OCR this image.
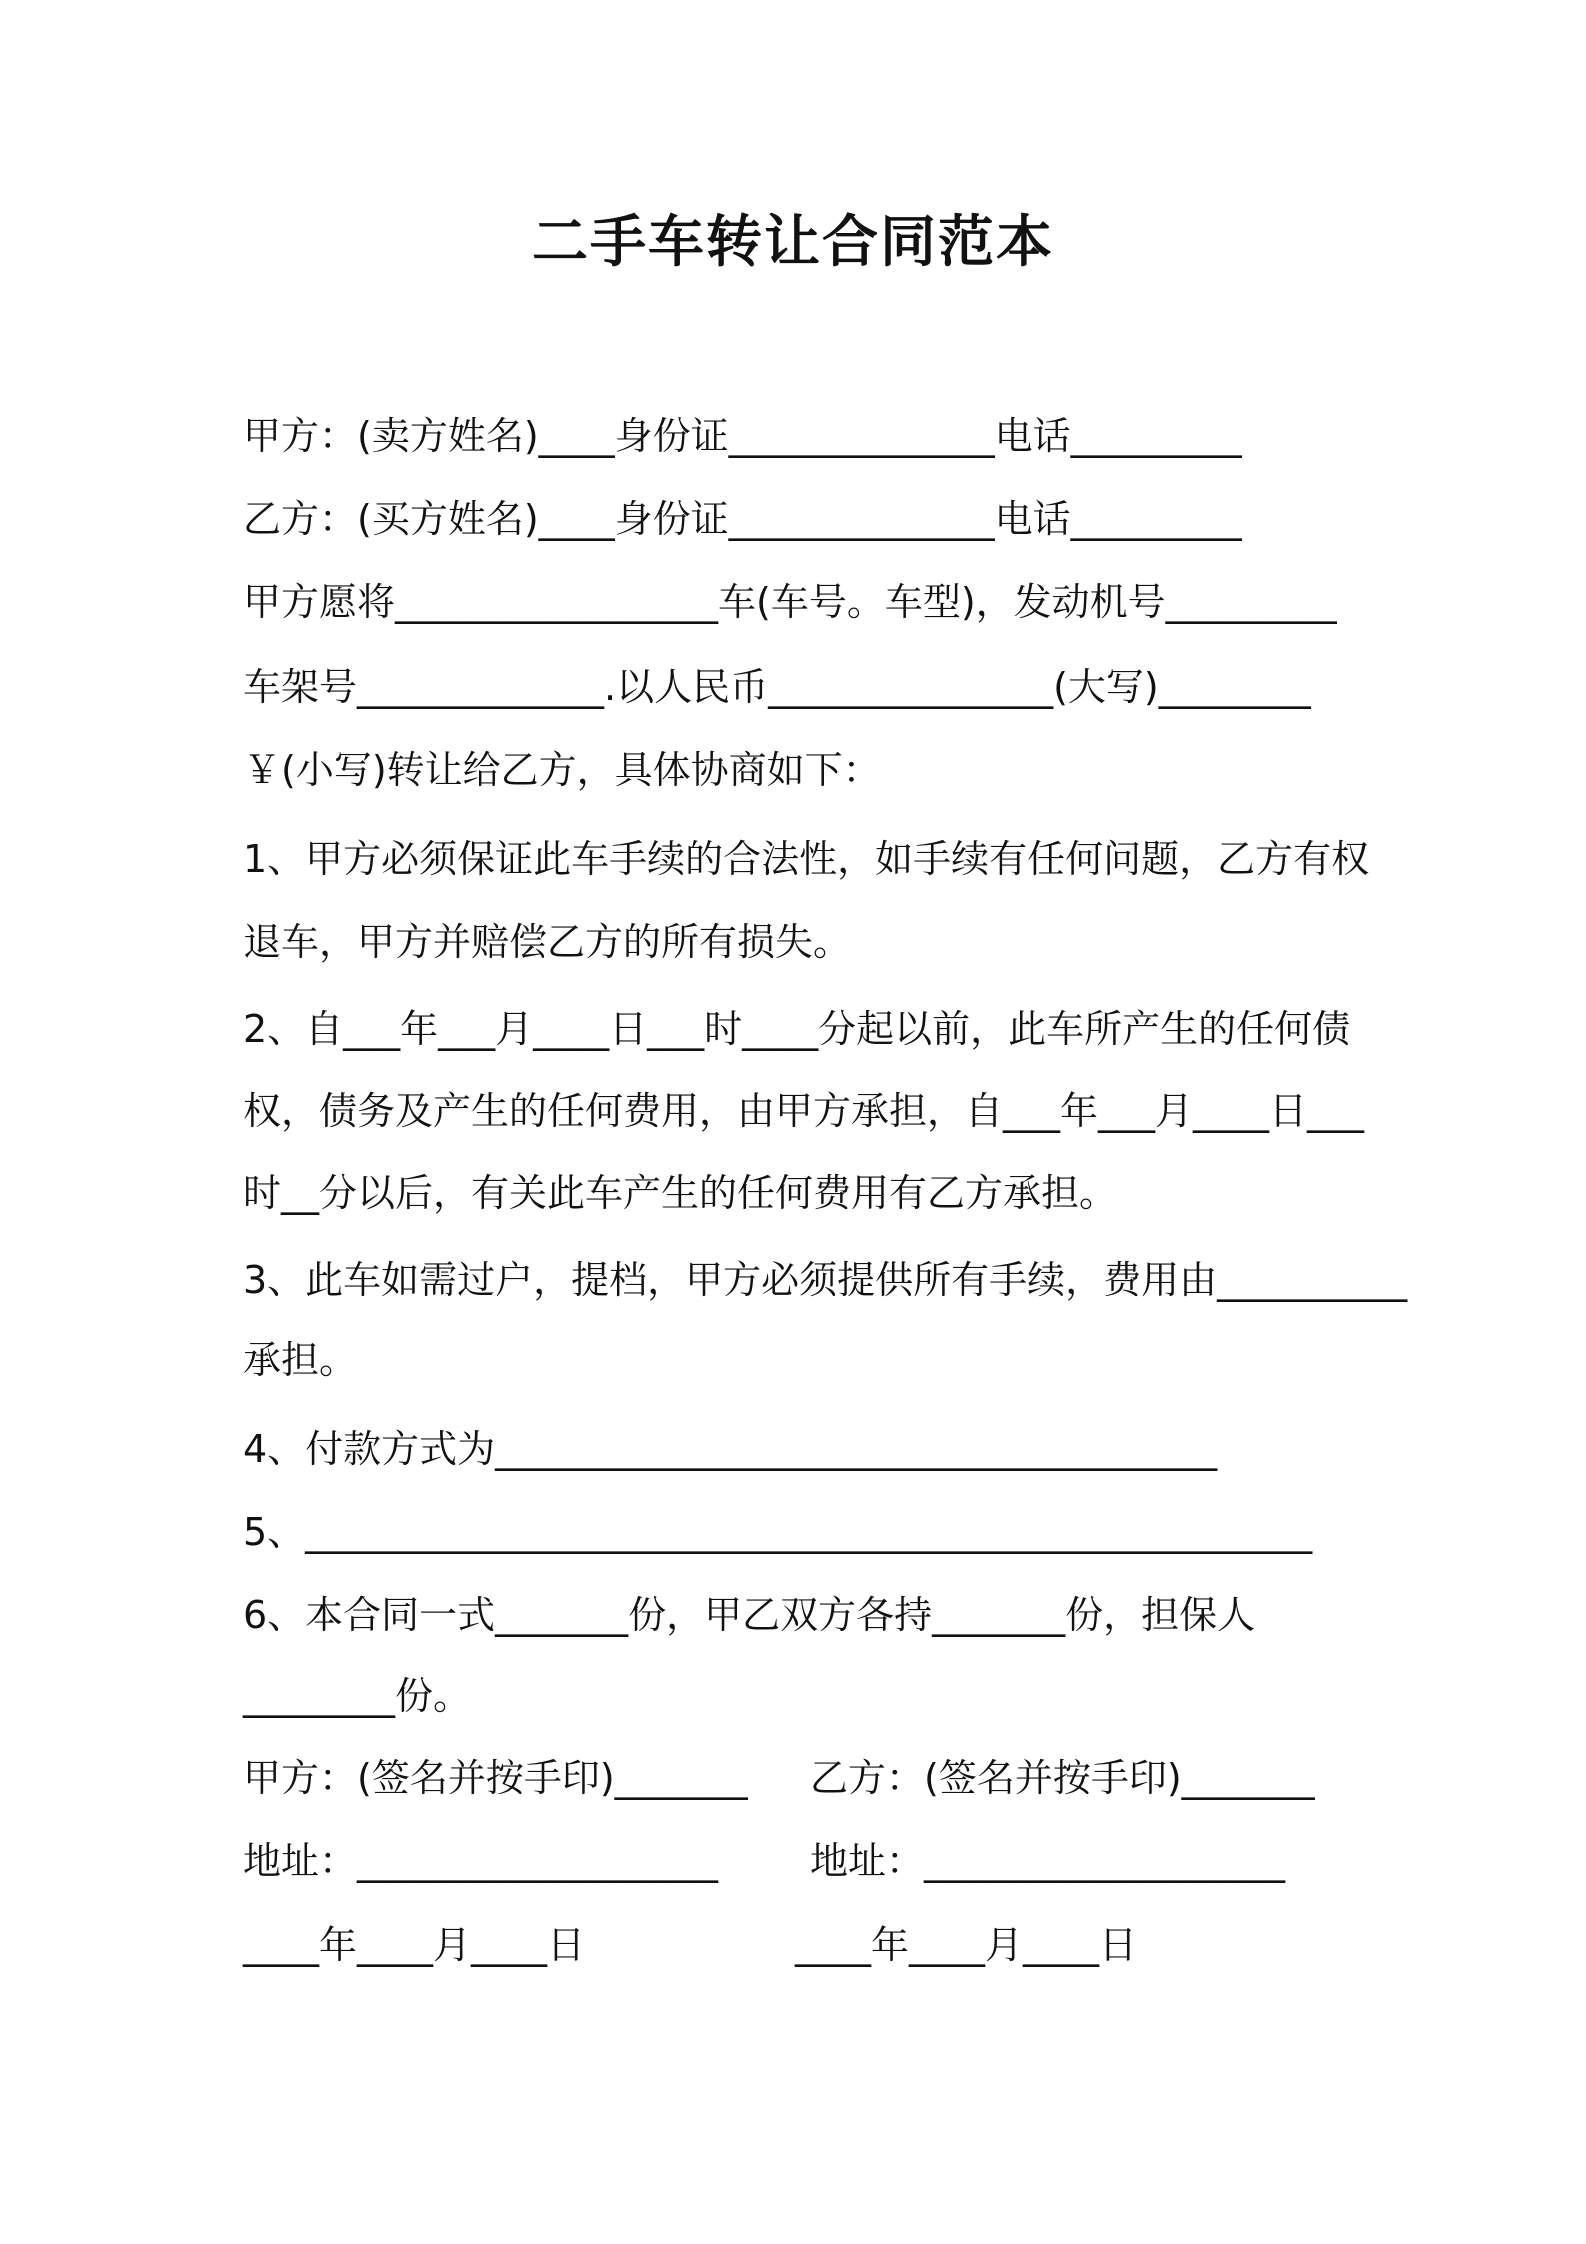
二手车转让合同范本

甲方：(卖方姓名)____身份证______________电话_________

乙方：(买方姓名)____身份证______________电话_________

甲方愿将_________________车(车号。车型)，发动机号_________

车架号_____________.以人民币_______________(大写)________

￥(小写)转让给乙方，具体协商如下：

1、甲方必须保证此车手续的合法性，如手续有任何问题，乙方有权

退车，甲方并赔偿乙方的所有损失。

2、自___年___月____日___时____分起以前，此车所产生的任何债

权，债务及产生的任何费用，由甲方承担，自___年___月____日___

时__分以后，有关此车产生的任何费用有乙方承担。

3、此车如需过户，提档，甲方必须提供所有手续，费用由__________

承担。

4、付款方式为______________________________________

5、_____________________________________________________

6、本合同一式_______份，甲乙双方各持_______份，担保人

________份。

甲方：(签名并按手印)_______ 乙方：(签名并按手印)_______

地址：___________________ 地址：___________________

____年____月____日	____年____月____日
